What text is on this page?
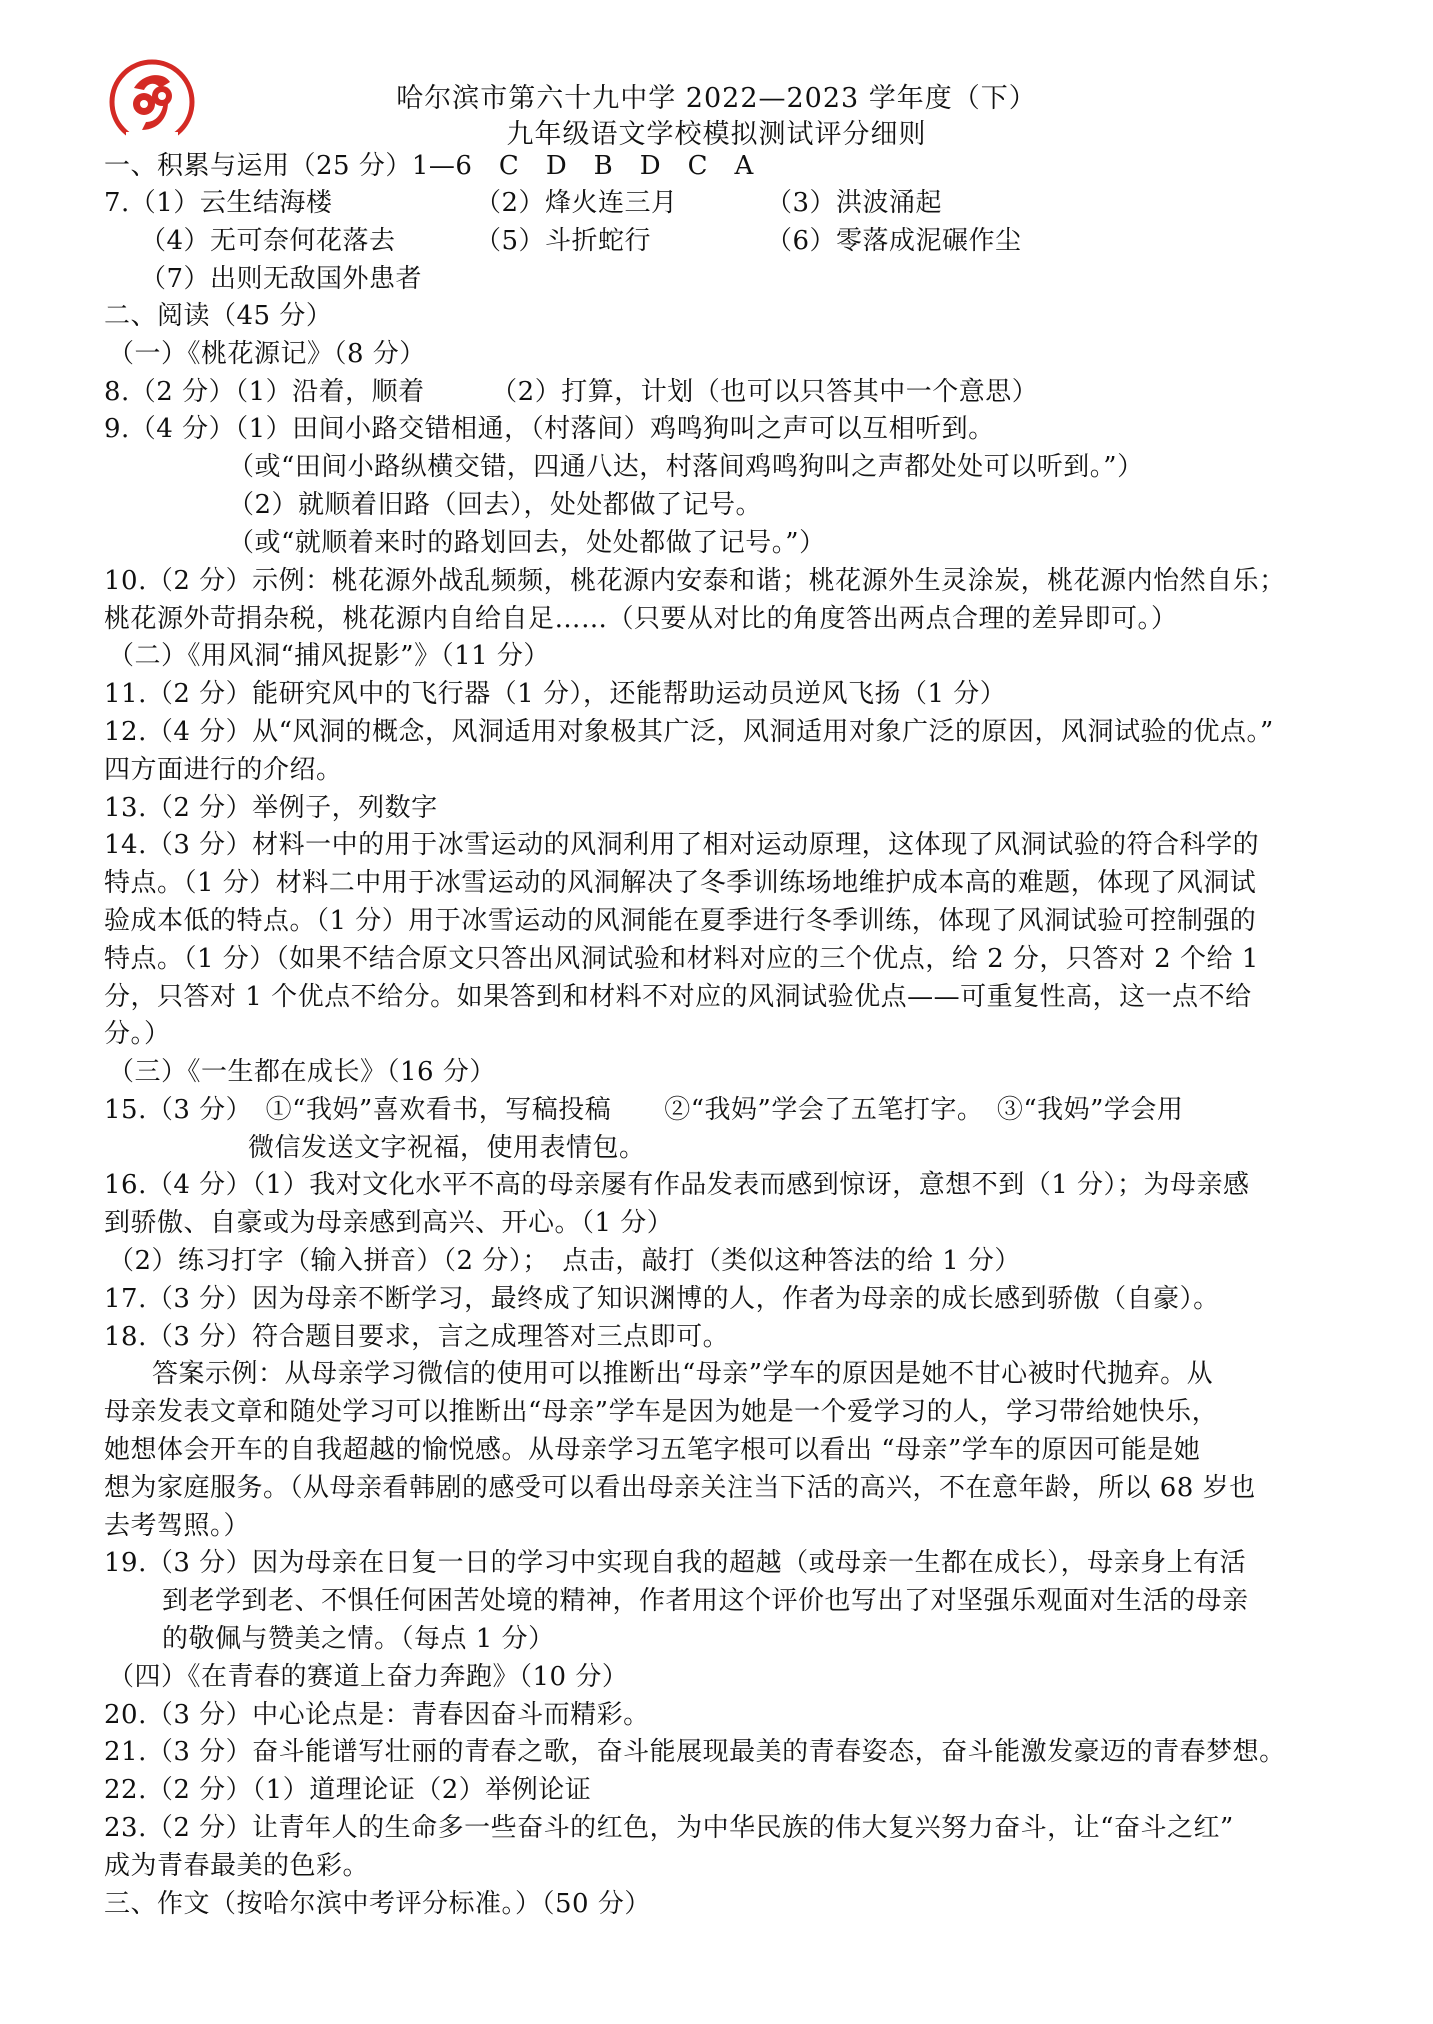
哈尔滨市第六十九中学 2022—2023 学年度（下）
九年级语文学校模拟测试评分细则
一、积累与运用（25 分）1—6　C　D　B　D　C　A
7.（1）云生结海楼	（2）烽火连三月	（3）洪波涌起
（4）无可奈何花落去	（5）斗折蛇行	（6）零落成泥碾作尘
（7）出则无敌国外患者
二、阅读（45 分）
（一）《桃花源记》（8 分）
8.（2 分）（1）沿着，顺着　　　（2）打算，计划（也可以只答其中一个意思）
9.（4 分）（1）田间小路交错相通，（村落间）鸡鸣狗叫之声可以互相听到。
（或“田间小路纵横交错，四通八达，村落间鸡鸣狗叫之声都处处可以听到。”）
（2）就顺着旧路（回去），处处都做了记号。
（或“就顺着来时的路划回去，处处都做了记号。”）
10.（2 分）示例：桃花源外战乱频频，桃花源内安泰和谐；桃花源外生灵涂炭，桃花源内怡然自乐；
桃花源外苛捐杂税，桃花源内自给自足……（只要从对比的角度答出两点合理的差异即可。）
（二）《用风洞“捕风捉影”》（11 分）
11.（2 分）能研究风中的飞行器（1 分），还能帮助运动员逆风飞扬（1 分）
12.（4 分）从“风洞的概念，风洞适用对象极其广泛，风洞适用对象广泛的原因，风洞试验的优点。”
四方面进行的介绍。
13.（2 分）举例子，列数字
14.（3 分）材料一中的用于冰雪运动的风洞利用了相对运动原理，这体现了风洞试验的符合科学的
特点。（1 分）材料二中用于冰雪运动的风洞解决了冬季训练场地维护成本高的难题，体现了风洞试
验成本低的特点。（1 分）用于冰雪运动的风洞能在夏季进行冬季训练，体现了风洞试验可控制强的
特点。（1 分）（如果不结合原文只答出风洞试验和材料对应的三个优点，给 2 分，只答对 2 个给 1
分，只答对 1 个优点不给分。如果答到和材料不对应的风洞试验优点——可重复性高，这一点不给
分。）
（三）《一生都在成长》（16 分）
15.（3 分）　①“我妈”喜欢看书，写稿投稿　　②“我妈”学会了五笔打字。　③“我妈”学会用
微信发送文字祝福，使用表情包。
16.（4 分）（1）我对文化水平不高的母亲屡有作品发表而感到惊讶，意想不到（1 分）；为母亲感
到骄傲、自豪或为母亲感到高兴、开心。（1 分）
（2）练习打字（输入拼音）（2 分）；　点击，敲打（类似这种答法的给 1 分）
17.（3 分）因为母亲不断学习，最终成了知识渊博的人，作者为母亲的成长感到骄傲（自豪）。
18.（3 分）符合题目要求，言之成理答对三点即可。
答案示例：从母亲学习微信的使用可以推断出“母亲”学车的原因是她不甘心被时代抛弃。从
母亲发表文章和随处学习可以推断出“母亲”学车是因为她是一个爱学习的人，学习带给她快乐，
她想体会开车的自我超越的愉悦感。从母亲学习五笔字根可以看出 “母亲”学车的原因可能是她
想为家庭服务。（从母亲看韩剧的感受可以看出母亲关注当下活的高兴，不在意年龄，所以 68 岁也
去考驾照。）
19.（3 分）因为母亲在日复一日的学习中实现自我的超越（或母亲一生都在成长），母亲身上有活
到老学到老、不惧任何困苦处境的精神，作者用这个评价也写出了对坚强乐观面对生活的母亲
的敬佩与赞美之情。（每点 1 分）
（四）《在青春的赛道上奋力奔跑》（10 分）
20.（3 分）中心论点是：青春因奋斗而精彩。
21.（3 分）奋斗能谱写壮丽的青春之歌，奋斗能展现最美的青春姿态，奋斗能激发豪迈的青春梦想。
22.（2 分）（1）道理论证（2）举例论证
23.（2 分）让青年人的生命多一些奋斗的红色，为中华民族的伟大复兴努力奋斗，让“奋斗之红”
成为青春最美的色彩。
三、作文（按哈尔滨中考评分标准。）（50 分）
